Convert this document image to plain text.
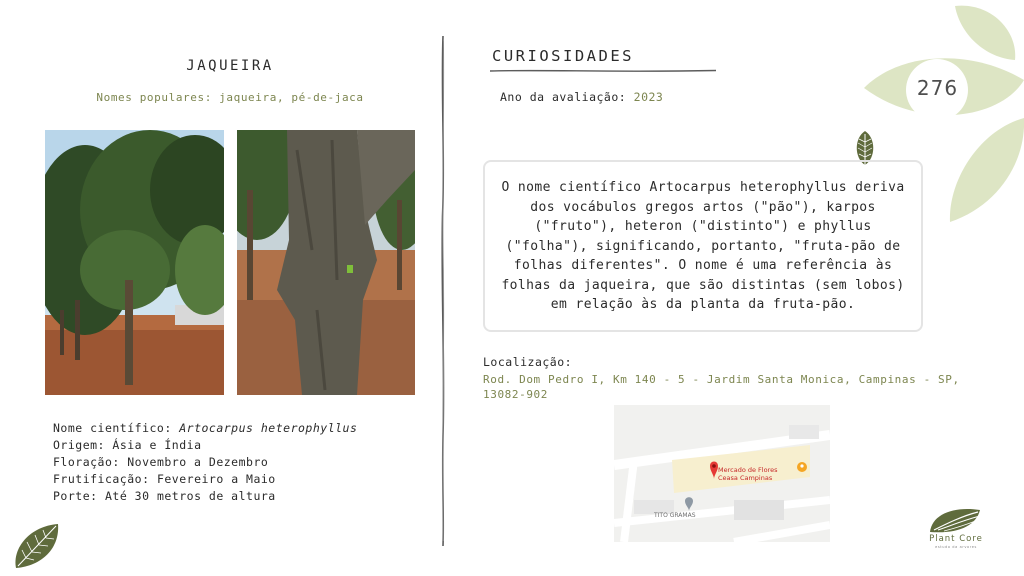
JAQUEIRA
Nomes populares: jaqueira, pé-de-jaca
Nome científico: Artocarpus heterophyllus
Origem: Ásia e Índia
Floração: Novembro a Dezembro
Frutificação: Fevereiro a Maio
Porte: Até 30 metros de altura
CURIOSIDADES
Ano da avaliação: 2023
O nome científico Artocarpus heterophyllus deriva dos vocábulos gregos artos ("pão"), karpos ("fruto"), heteron ("distinto") e phyllus ("folha"), significando, portanto, "fruta-pão de folhas diferentes". O nome é uma referência às folhas da jaqueira, que são distintas (sem lobos) em relação às da planta da fruta-pão.
Localização:
Rod. Dom Pedro I, Km 140 - 5 - Jardim Santa Monica, Campinas - SP, 13082-902
Mercado de Flores
Ceasa Campinas
TITO GRAMAS
276
Plant Core
estudo da arvores
